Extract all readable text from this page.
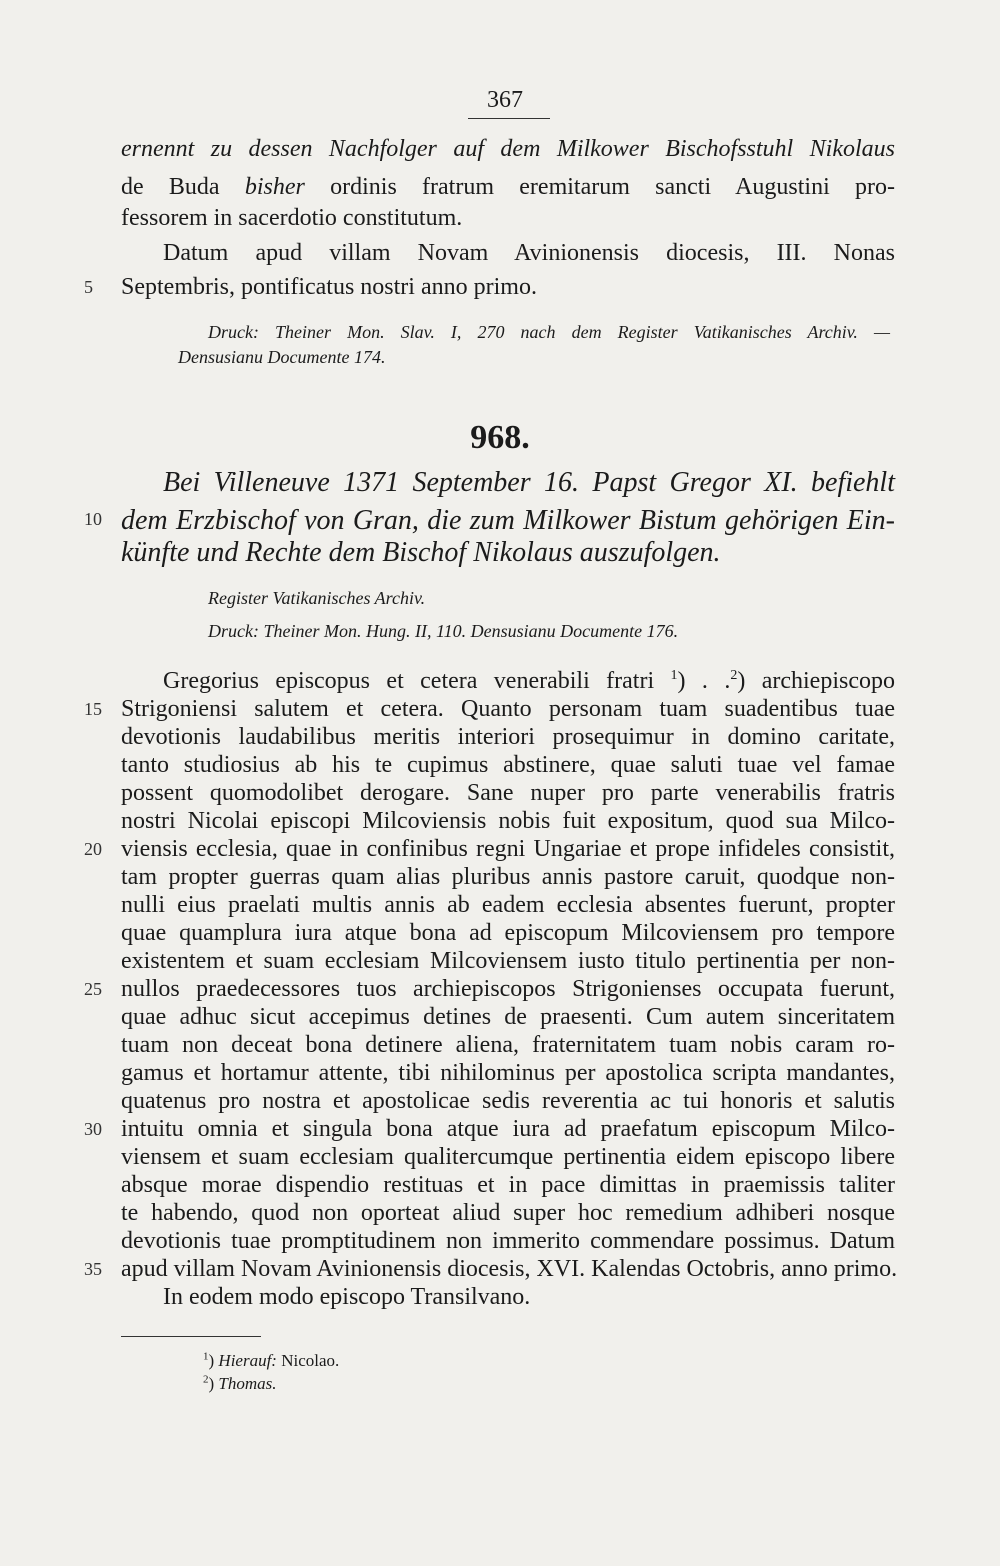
367
ernennt zu dessen Nachfolger auf dem Milkower Bischofsstuhl Nikolaus
de Buda bisher ordinis fratrum eremitarum sancti Augustini pro-
fessorem in sacerdotio constitutum.
Datum apud villam Novam Avinionensis diocesis, III. Nonas
Septembris, pontificatus nostri anno primo.
Druck: Theiner Mon. Slav. I, 270 nach dem Register Vatikanisches Archiv. —
Densusianu Documente 174.
968.
Bei Villeneuve 1371 September 16. Papst Gregor XI. befiehlt
dem Erzbischof von Gran, die zum Milkower Bistum gehörigen Ein-
künfte und Rechte dem Bischof Nikolaus auszufolgen.
Register Vatikanisches Archiv.
Druck: Theiner Mon. Hung. II, 110. Densusianu Documente 176.
Gregorius episcopus et cetera venerabili fratri $^1$) . .$^2$) archiepiscopo
Strigoniensi salutem et cetera. Quanto personam tuam suadentibus tuae
devotionis laudabilibus meritis interiori prosequimur in domino caritate,
tanto studiosius ab his te cupimus abstinere, quae saluti tuae vel famae
possent quomodolibet derogare. Sane nuper pro parte venerabilis fratris
nostri Nicolai episcopi Milcoviensis nobis fuit expositum, quod sua Milco-
viensis ecclesia, quae in confinibus regni Ungariae et prope infideles consistit,
tam propter guerras quam alias pluribus annis pastore caruit, quodque non-
nulli eius praelati multis annis ab eadem ecclesia absentes fuerunt, propter
quae quamplura iura atque bona ad episcopum Milcoviensem pro tempore
existentem et suam ecclesiam Milcoviensem iusto titulo pertinentia per non-
nullos praedecessores tuos archiepiscopos Strigonienses occupata fuerunt,
quae adhuc sicut accepimus detines de praesenti. Cum autem sinceritatem
tuam non deceat bona detinere aliena, fraternitatem tuam nobis caram ro-
gamus et hortamur attente, tibi nihilominus per apostolica scripta mandantes,
quatenus pro nostra et apostolicae sedis reverentia ac tui honoris et salutis
intuitu omnia et singula bona atque iura ad praefatum episcopum Milco-
viensem et suam ecclesiam qualitercumque pertinentia eidem episcopo libere
absque morae dispendio restituas et in pace dimittas in praemissis taliter
te habendo, quod non oporteat aliud super hoc remedium adhiberi nosque
devotionis tuae promptitudinem non immerito commendare possimus. Datum
apud villam Novam Avinionensis diocesis, XVI. Kalendas Octobris, anno primo.
In eodem modo episcopo Transilvano.
5
10
15
20
25
30
35
$^1$) Hierauf: Nicolao.
$^2$) Thomas.
